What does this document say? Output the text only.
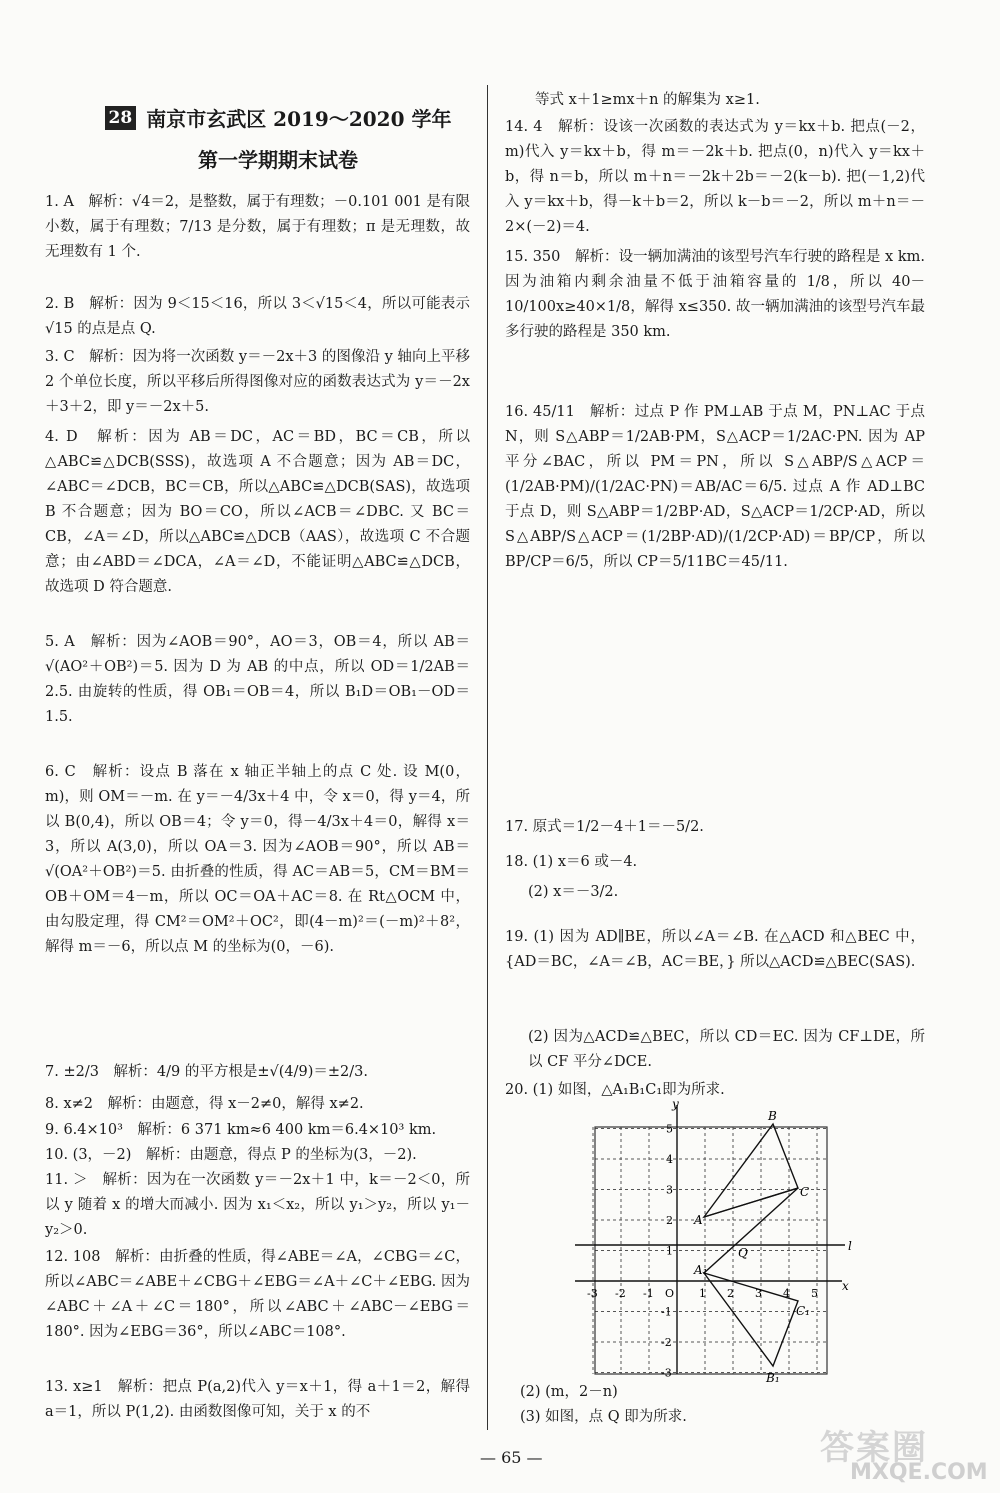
28 南京市玄武区 2019～2020 学年
第一学期期末试卷
1. A　解析：√4＝2，是整数，属于有理数；－0.101 001 是有限小数，属于有理数；7/13 是分数，属于有理数；π 是无理数，故无理数有 1 个.
2. B　解析：因为 9＜15＜16，所以 3＜√15＜4，所以可能表示 √15 的点是点 Q.
3. C　解析：因为将一次函数 y＝－2x＋3 的图像沿 y 轴向上平移 2 个单位长度，所以平移后所得图像对应的函数表达式为 y＝－2x＋3＋2，即 y＝－2x＋5.
4. D　解析：因为 AB＝DC，AC＝BD，BC＝CB，所以 △ABC≌△DCB(SSS)，故选项 A 不合题意；因为 AB＝DC，∠ABC＝∠DCB，BC＝CB，所以△ABC≌△DCB(SAS)，故选项 B 不合题意；因为 BO＝CO，所以∠ACB＝∠DBC. 又 BC＝CB，∠A＝∠D，所以△ABC≌△DCB（AAS），故选项 C 不合题意；由∠ABD＝∠DCA，∠A＝∠D，不能证明△ABC≌△DCB，故选项 D 符合题意.
5. A　解析：因为∠AOB＝90°，AO＝3，OB＝4，所以 AB＝√(AO²＋OB²)＝5. 因为 D 为 AB 的中点，所以 OD＝1/2AB＝2.5. 由旋转的性质，得 OB₁＝OB＝4，所以 B₁D＝OB₁－OD＝1.5.
6. C　解析：设点 B 落在 x 轴正半轴上的点 C 处. 设 M(0，m)，则 OM＝－m. 在 y＝－4/3x＋4 中，令 x＝0，得 y＝4，所以 B(0,4)，所以 OB＝4；令 y＝0，得－4/3x＋4＝0，解得 x＝3，所以 A(3,0)，所以 OA＝3. 因为∠AOB＝90°，所以 AB＝√(OA²＋OB²)＝5. 由折叠的性质，得 AC＝AB＝5，CM＝BM＝OB＋OM＝4－m，所以 OC＝OA＋AC＝8. 在 Rt△OCM 中，由勾股定理，得 CM²＝OM²＋OC²，即(4－m)²＝(－m)²＋8²，解得 m＝－6，所以点 M 的坐标为(0，－6).
7. ±2/3　解析：4/9 的平方根是±√(4/9)＝±2/3.
8. x≠2　解析：由题意，得 x－2≠0，解得 x≠2.
9. 6.4×10³　解析：6 371 km≈6 400 km＝6.4×10³ km.
10. (3，－2)　解析：由题意，得点 P 的坐标为(3，－2).
11. ＞　解析：因为在一次函数 y＝－2x＋1 中，k＝－2＜0，所以 y 随着 x 的增大而减小. 因为 x₁＜x₂，所以 y₁＞y₂，所以 y₁－y₂＞0.
12. 108　解析：由折叠的性质，得∠ABE＝∠A，∠CBG＝∠C，所以∠ABC＝∠ABE＋∠CBG＋∠EBG＝∠A＋∠C＋∠EBG. 因为∠ABC＋∠A＋∠C＝180°，所以∠ABC＋∠ABC－∠EBG＝180°. 因为∠EBG＝36°，所以∠ABC＝108°.
13. x≥1　解析：把点 P(a,2)代入 y＝x＋1，得 a＋1＝2，解得 a＝1，所以 P(1,2). 由函数图像可知，关于 x 的不
等式 x＋1≥mx＋n 的解集为 x≥1.
14. 4　解析：设该一次函数的表达式为 y＝kx＋b. 把点(－2，m)代入 y＝kx＋b，得 m＝－2k＋b. 把点(0，n)代入 y＝kx＋b，得 n＝b，所以 m＋n＝－2k＋2b＝－2(k－b). 把(－1,2)代入 y＝kx＋b，得－k＋b＝2，所以 k－b＝－2，所以 m＋n＝－2×(－2)＝4.
15. 350　解析：设一辆加满油的该型号汽车行驶的路程是 x km. 因为油箱内剩余油量不低于油箱容量的 1/8，所以 40－10/100x≥40×1/8，解得 x≤350. 故一辆加满油的该型号汽车最多行驶的路程是 350 km.
16. 45/11　解析：过点 P 作 PM⊥AB 于点 M，PN⊥AC 于点 N，则 S△ABP＝1/2AB·PM，S△ACP＝1/2AC·PN. 因为 AP 平分∠BAC，所以 PM＝PN，所以 S△ABP/S△ACP＝(1/2AB·PM)/(1/2AC·PN)＝AB/AC＝6/5. 过点 A 作 AD⊥BC 于点 D，则 S△ABP＝1/2BP·AD，S△ACP＝1/2CP·AD，所以 S△ABP/S△ACP＝(1/2BP·AD)/(1/2CP·AD)＝BP/CP，所以 BP/CP＝6/5，所以 CP＝5/11BC＝45/11.
17. 原式＝1/2－4＋1＝－5/2.
18. (1) x＝6 或－4.
(2) x＝－3/2.
19. (1) 因为 AD∥BE，所以∠A＝∠B. 在△ACD 和△BEC 中，{AD＝BC，∠A＝∠B，AC＝BE，} 所以△ACD≌△BEC(SAS).
(2) 因为△ACD≌△BEC，所以 CD＝EC. 因为 CF⊥DE，所以 CF 平分∠DCE.
20. (1) 如图，△A₁B₁C₁即为所求.
B
C
A
A₁
B₁
C₁
Q	l
x
y
-3 -2 -1 O 1 2 3 4 5
5
4
3
2
1
-1
-2
-3
(2) (m，2－n)
(3) 如图，点 Q 即为所求.
— 65 —	答案圈
MXQE.COM
